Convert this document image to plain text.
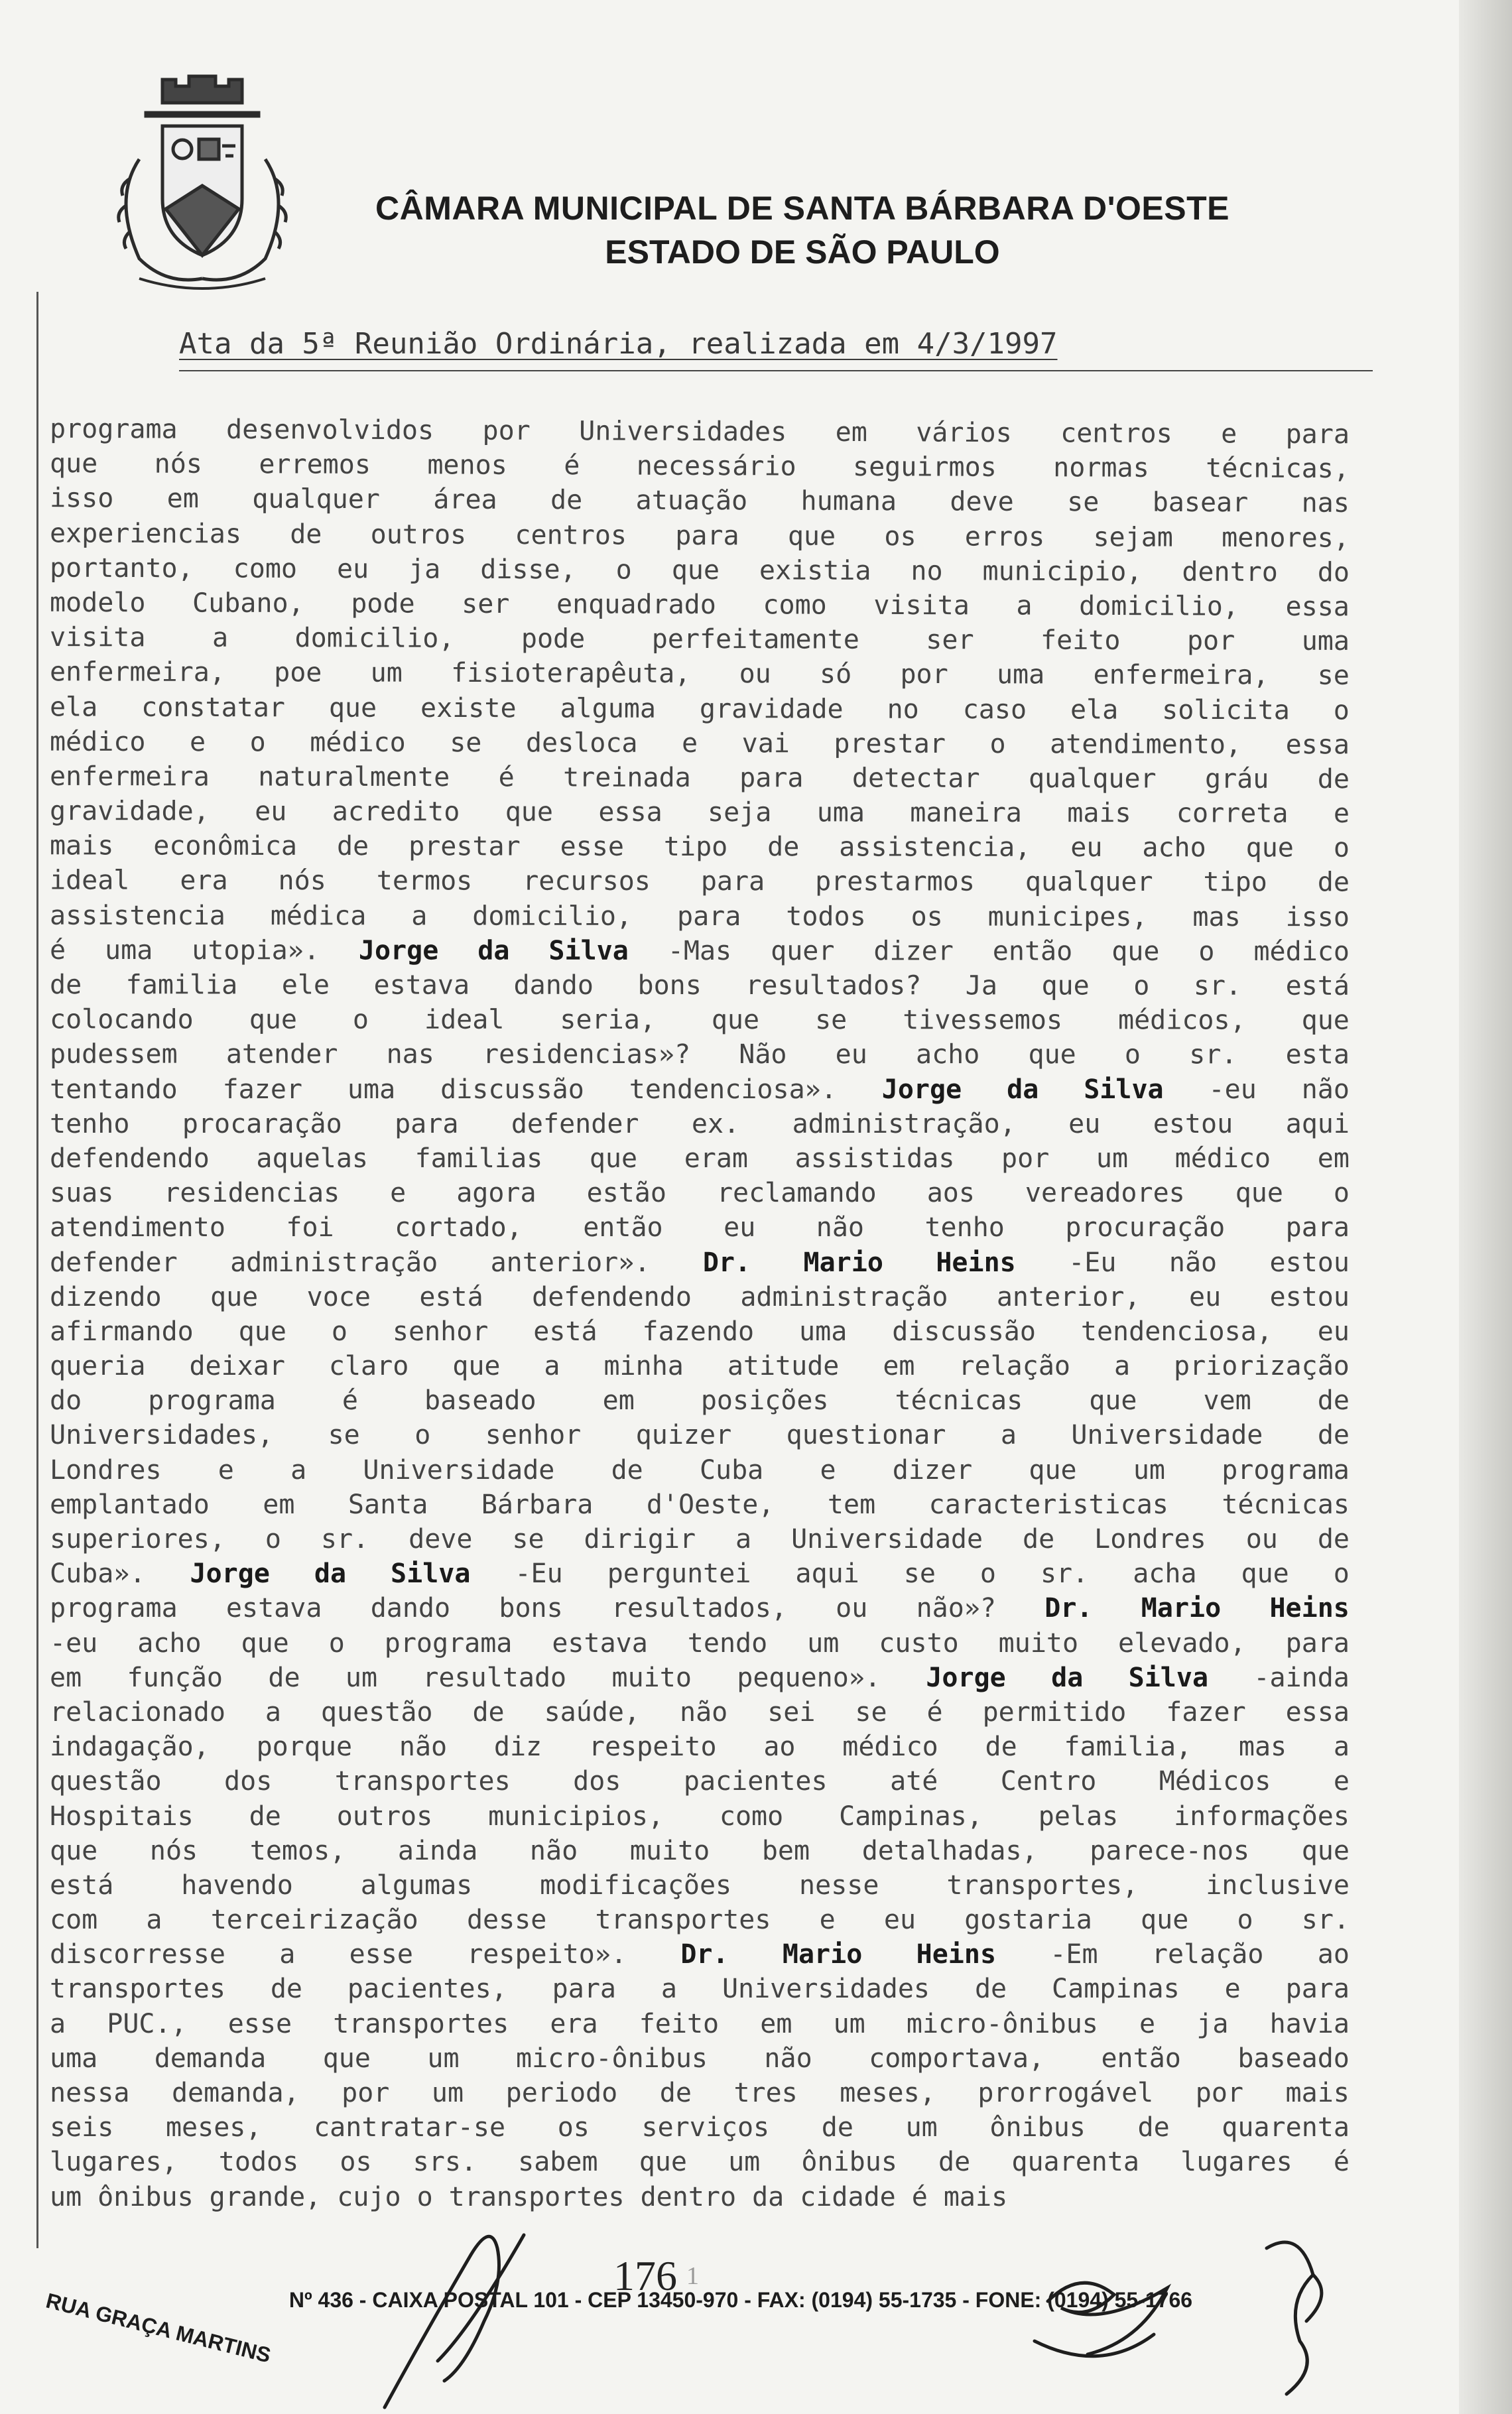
CÂMARA MUNICIPAL DE SANTA BÁRBARA D'OESTE
ESTADO DE SÃO PAULO
Ata da 5ª Reunião Ordinária, realizada em 4/3/1997
programa desenvolvidos por Universidades em vários centros e para
que nós erremos menos é necessário seguirmos normas técnicas,
isso em qualquer área de atuação humana deve se basear nas
experiencias de outros centros para que os erros sejam menores,
portanto, como eu ja disse, o que existia no municipio, dentro do
modelo Cubano, pode ser enquadrado como visita a domicilio, essa
visita	a	domicilio,	pode	perfeitamente	ser	feito	por	uma
enfermeira, poe um fisioterapêuta, ou só por uma enfermeira, se
ela constatar que existe alguma gravidade no caso ela solicita o
médico e o médico se desloca e vai prestar o atendimento, essa
enfermeira naturalmente é treinada para detectar qualquer gráu de
gravidade, eu acredito que essa seja uma maneira mais correta e
mais econômica de prestar esse tipo de assistencia, eu acho que o
ideal era nós termos recursos para prestarmos qualquer tipo de
assistencia médica a domicilio, para todos os municipes, mas isso
é uma utopia». Jorge da Silva -Mas quer dizer então que o médico
de familia ele estava dando bons resultados? Ja que o sr. está
colocando que o ideal seria, que se tivessemos médicos, que
pudessem atender nas residencias»? Não eu acho que o sr. esta
tentando fazer uma discussão tendenciosa». Jorge da Silva -eu não
tenho procaração para defender ex. administração, eu estou aqui
defendendo aquelas familias que eram assistidas por um médico em
suas residencias e agora estão reclamando aos vereadores que o
atendimento foi cortado, então eu não tenho procuração para
defender administração anterior». Dr. Mario Heins -Eu não estou
dizendo que voce está defendendo administração anterior, eu estou
afirmando que o senhor está fazendo uma discussão tendenciosa, eu
queria deixar claro que a minha atitude em relação a priorização
do	programa	é	baseado	em	posições	técnicas	que	vem	de
Universidades, se o senhor quizer questionar a Universidade de
Londres e a Universidade de Cuba e dizer que um programa
emplantado em Santa Bárbara d'Oeste, tem caracteristicas técnicas
superiores, o sr. deve se dirigir a Universidade de Londres ou de
Cuba». Jorge da Silva -Eu perguntei aqui se o sr. acha que o
programa estava dando bons resultados, ou não»? Dr. Mario Heins
-eu acho que o programa estava tendo um custo muito elevado, para
em função de um resultado muito pequeno». Jorge da Silva -ainda
relacionado a questão de saúde, não sei se é permitido fazer essa
indagação, porque não diz respeito ao médico de familia, mas a
questão dos transportes dos pacientes até Centro Médicos e
Hospitais de outros municipios, como Campinas, pelas informações
que nós temos, ainda não muito bem detalhadas, parece-nos que
está	havendo	algumas	modificações	nesse	transportes,	inclusive
com a terceirização desse transportes e eu gostaria que o sr.
discorresse a esse respeito». Dr. Mario Heins -Em relação ao
transportes de pacientes, para a Universidades de Campinas e para
a PUC., esse transportes era feito em um micro-ônibus e ja havia
uma demanda que um micro-ônibus não comportava, então baseado
nessa demanda, por um periodo de tres meses, prorrogável por mais
seis meses, cantratar-se os serviços de um ônibus de quarenta
lugares, todos os srs. sabem que um ônibus de quarenta lugares é
um ônibus grande, cujo o transportes dentro da cidade é mais
176 1
RUA GRAÇA MARTINS Nº 436 - CAIXA POSTAL 101 - CEP 13450-970 - FAX: (0194) 55-1735 - FONE: (0194) 55-1766
